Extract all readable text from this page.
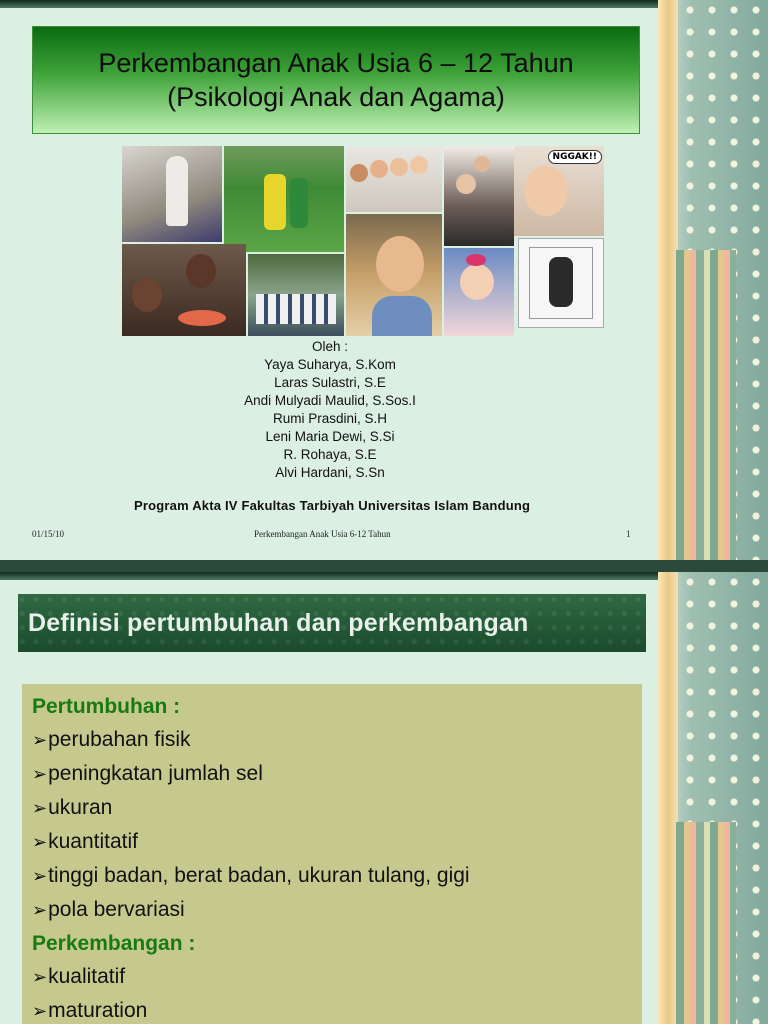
Perkembangan Anak Usia 6 – 12 Tahun
(Psikologi Anak dan Agama)
NGGAK!!
Oleh :
Yaya Suharya, S.Kom
Laras Sulastri, S.E
Andi Mulyadi Maulid, S.Sos.I
Rumi Prasdini, S.H
Leni Maria Dewi, S.Si
R. Rohaya, S.E
Alvi Hardani, S.Sn
Program Akta IV Fakultas Tarbiyah Universitas Islam Bandung
01/15/10	Perkembangan Anak Usia 6-12 Tahun	1
Definisi pertumbuhan dan perkembangan
Pertumbuhan :
➢perubahan fisik
➢peningkatan jumlah sel
➢ukuran
➢kuantitatif
➢tinggi badan, berat badan, ukuran tulang, gigi
➢pola bervariasi
Perkembangan :
➢kualitatif
➢maturation
